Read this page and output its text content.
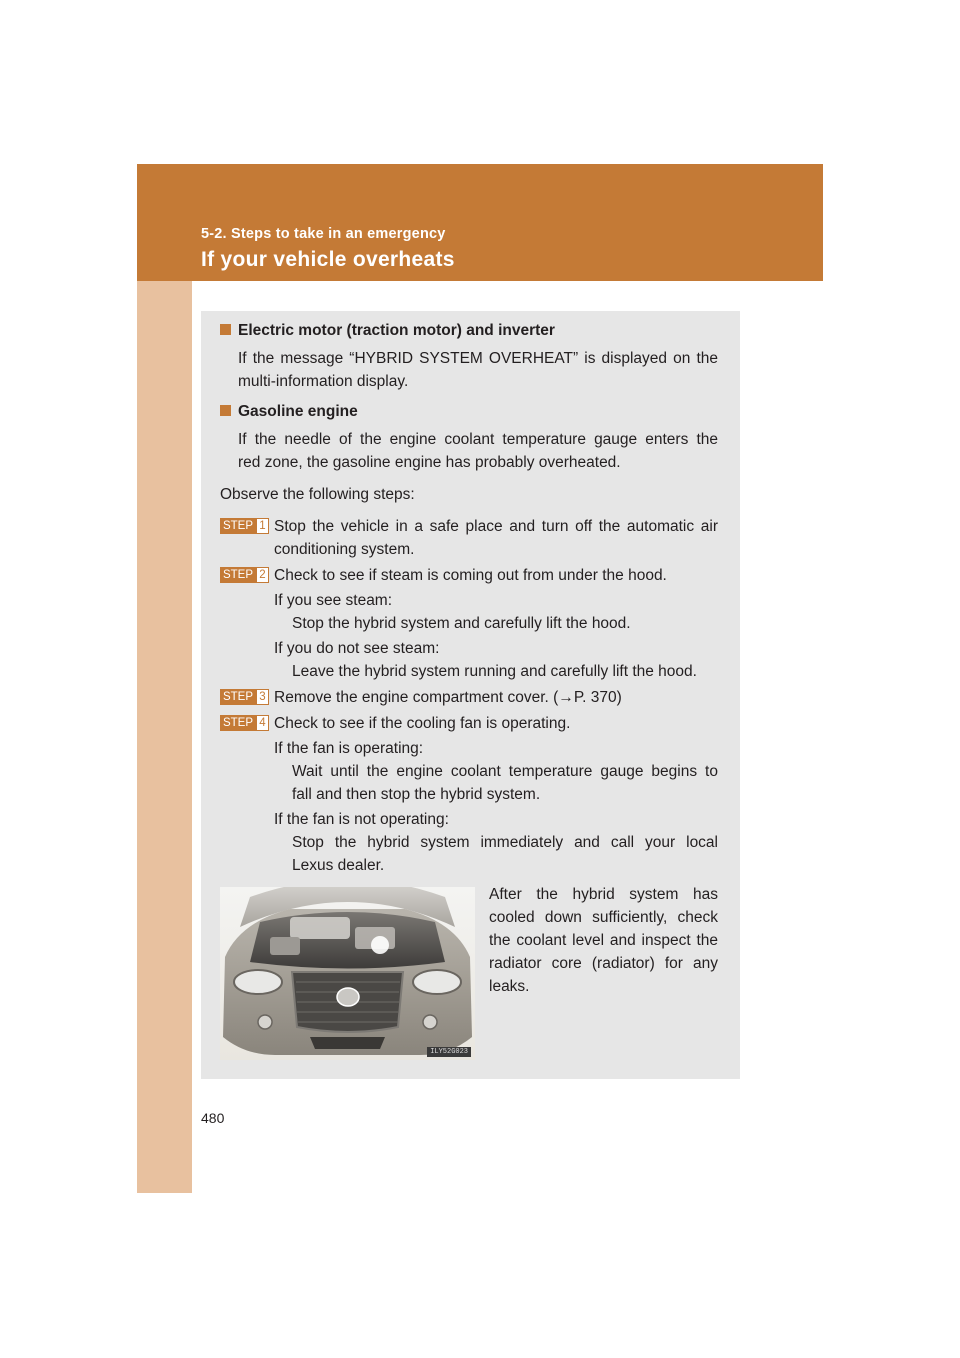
5-2. Steps to take in an emergency
If your vehicle overheats
Electric motor (traction motor) and inverter
If the message “HYBRID SYSTEM OVERHEAT” is displayed on the
multi-information display.
Gasoline engine
If the needle of the engine coolant temperature gauge enters the
red zone, the gasoline engine has probably overheated.
Observe the following steps:
STEP 1 Stop the vehicle in a safe place and turn off the automatic air
conditioning system.
STEP 2 Check to see if steam is coming out from under the hood.
If you see steam:
Stop the hybrid system and carefully lift the hood.
If you do not see steam:
Leave the hybrid system running and carefully lift the hood.
STEP 3 Remove the engine compartment cover. (→P. 370)
STEP 4 Check to see if the cooling fan is operating.
If the fan is operating:
Wait until the engine coolant temperature gauge begins to
fall and then stop the hybrid system.
If the fan is not operating:
Stop the hybrid system immediately and call your local
Lexus dealer.
After the hybrid system has
cooled down sufficiently, check
the coolant level and inspect the
radiator core (radiator) for any
leaks.
ILY52G023
480
